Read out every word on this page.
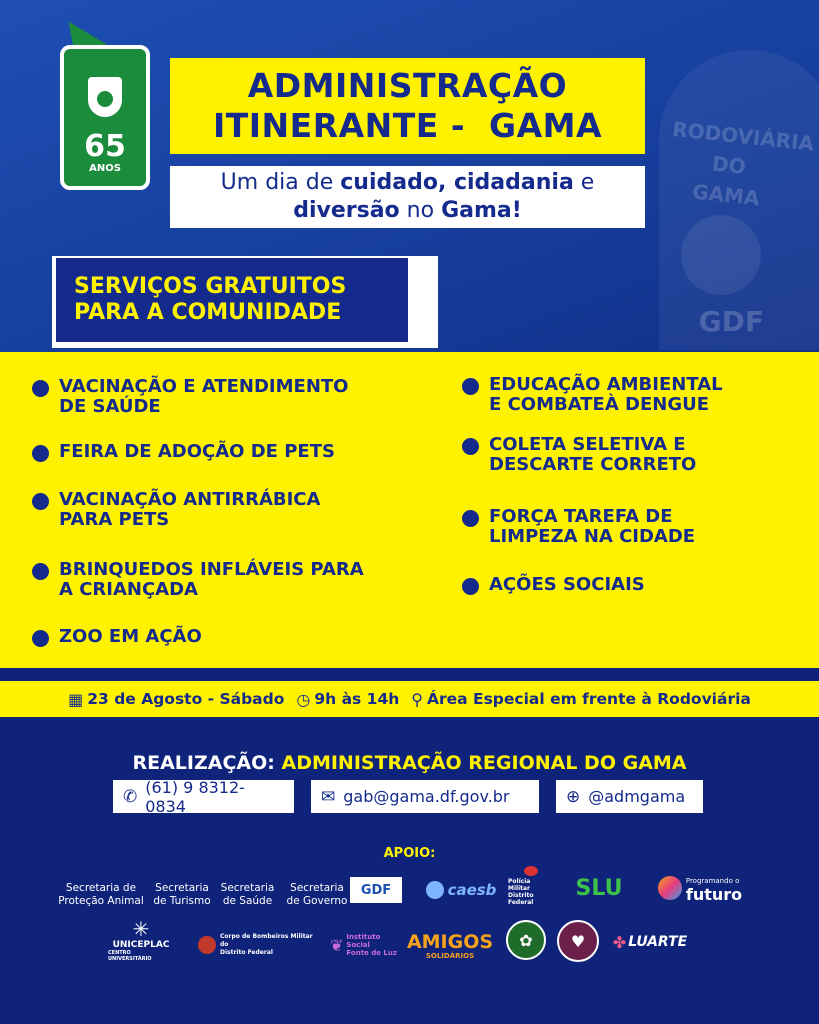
RODOVIÁRIA
DO
GAMA
GDF
65
ANOS
ADMINISTRAÇÃO
ITINERANTE -  GAMA
Um dia de cuidado, cidadania e
diversão no Gama!
SERVIÇOS GRATUITOS
PARA A COMUNIDADE
VACINAÇÃO E ATENDIMENTO
DE SAÚDE
FEIRA DE ADOÇÃO DE PETS
VACINAÇÃO ANTIRRÁBICA
PARA PETS
BRINQUEDOS INFLÁVEIS PARA
A CRIANÇADA
ZOO EM AÇÃO
EDUCAÇÃO AMBIENTAL
E COMBATEÀ DENGUE
COLETA SELETIVA E
DESCARTE CORRETO
FORÇA TAREFA DE
LIMPEZA NA CIDADE
AÇÕES SOCIAIS
▦ 23 de Agosto - Sábado ◷ 9h às 14h ⚲ Área Especial em frente à Rodoviária
REALIZAÇÃO: ADMINISTRAÇÃO REGIONAL DO GAMA
✆ (61) 9 8312-0834	✉ gab@gama.df.gov.br	⊕ @admgama
APOIO:
Secretaria de
Proteção Animal
Secretaria
de Turismo
Secretaria
de Saúde
Secretaria
de Governo
GDF	caesb Polícia Militar
Distrito Federal
SLU	Programando o
futuro
✳
UNICEPLAC
CENTRO UNIVERSITÁRIO
Corpo de Bombeiros Militar do
Distrito Federal	❦ Instituto
Social
Fonte de Luz AMIGOS
SOLIDÁRIOS
✿ ♥ ✤ LUARTE
